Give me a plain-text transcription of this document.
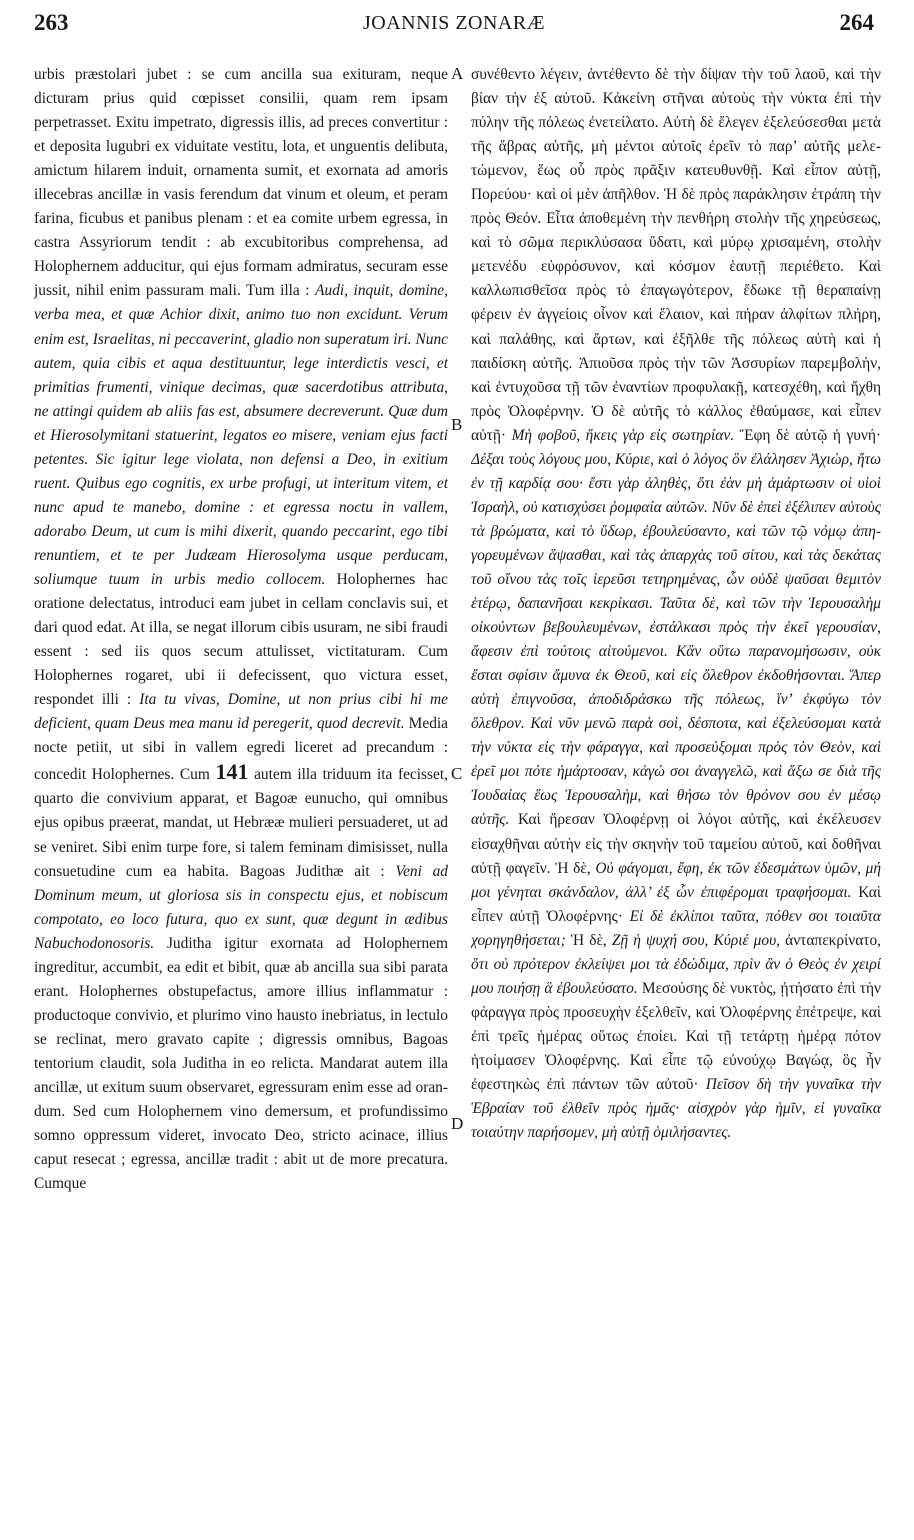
263	JOANNIS ZONARÆ	264

urbis præstolari jubet : se cum ancilla sua exituram, neque dicturam prius quid cœpisset consilii, quam rem ipsam perpetrasset. Exitu impetrato, digressis illis, ad preces convertitur : et deposita lugubri ex viduitate vestitu, lota, et unguentis delibuta, amictum hilarem induit, ornamenta sumit, et exornata ad amoris illecebras ancillæ in vasis ferendum dat vinum et oleum, et peram farina, ficubus et panibus plenam : et ea comite urbem egressa, in castra Assyriorum tendit : ab excubitoribus comprehensa, ad Holophernem adducitur, qui ejus formam admiratus, securam esse jussit, nihil enim passuram mali. Tum illa : Audi, inquit, domine, verba mea, et quæ Achior dixit, animo tuo non excidunt. Verum enim est, Israelitas, ni peccaverint, gladio non superatum iri. Nunc autem, quia cibis et aqua destituuntur, lege interdictis vesci, et primitias frumenti, vinique decimas, quæ sacerdotibus attributa, ne attingi quidem ab aliis fas est, absumere decreverunt. Quæ dum et Hierosolymitani statuerint, legatos eo misere, veniam ejus facti petentes. Sic igitur lege violata, non defensi a Deo, in exitium ruent. Quibus ego cognitis, ex urbe profugi, ut interitum vitem, et nunc apud te manebo, domine : et egressa noctu in vallem, adorabo Deum, ut cum is mihi dixerit, quando peccarint, ego tibi renuntiem, et te per Judæam Hierosolyma usque perducam, soliumque tuum in urbis medio collocem. Holophernes hac oratione delectatus, introduci eam jubet in cellam conclavis sui, et dari quod edat. At illa, se negat illorum cibis usuram, ne sibi fraudi essent : sed iis quos secum attulisset, victitaturam. Cum Holophernes rogaret, ubi ii defecissent, quo victura esset, respondet illi : Ita tu vivas, Domine, ut non prius cibi hi me deficient, quam Deus mea manu id peregerit, quod decrevit. Media nocte petiit, ut sibi in vallem egredi liceret ad precandum : concedit Holophernes. Cum 141 autem illa triduum ita fecisset, quarto die convivium apparat, et Bagoæ eunucho, qui omnibus ejus opibus præerat, mandat, ut Hebrææ mulieri persuaderet, ut ad se veniret. Sibi enim turpe fore, si talem feminam dimisisset, nulla consuetudine cum ea habita. Bagoas Judithæ ait : Veni ad Dominum meum, ut gloriosa sis in conspectu ejus, et nobiscum compotato, eo loco futura, quo ex sunt, quæ degunt in ædibus Nabuchodonosoris. Juditha igitur exornata ad Holophernem ingreditur, accumbit, ea edit et bibit, quæ ab ancilla sua sibi parata erant. Holophernes obstupefactus, amore illius inflammatur : productoque convivio, et plurimo vino hausto inebriatus, in lectulo se reclinat, mero gravato capite ; digressis omnibus, Bagoas tentorium claudit, sola Juditha in eo relicta. Mandarat autem illa ancillæ, ut exitum suum observaret, egressuram enim esse ad orandum. Sed cum Holophernem vino demersum, et profundissimo somno oppressum videret, invocato Deo, stricto acinace, illius caput resecat ; egressa, ancillæ tradit : abit ut de more precatura. Cumque

A
B
C
D

συνέθεντο λέγειν, ἀντέθεντο δὲ τὴν δίψαν τὴν τοῦ λαοῦ, καὶ τὴν βίαν τὴν ἐξ αὐτοῦ. Κἀκείνη στῆναι αὐτοὺς τὴν νύκτα ἐπὶ τὴν πύλην τῆς πόλεως ἐνετείλατο. Αὐτὴ δὲ ἔλεγεν ἐξελεύσεσθαι μετὰ τῆς ἄβρας αὐτῆς, μὴ μέντοι αὐτοῖς ἐρεῖν τὸ παρ’ αὐτῆς μελετώμενον, ἕως οὗ πρὸς πρᾶξιν κατευθυνθῇ. Καὶ εἶπον αὐτῇ, Πορεύου· καὶ οἱ μὲν ἀπῆλθον. Ἡ δὲ πρὸς παράκλησιν ἐτράπη τὴν πρὸς Θεόν. Εἶτα ἀποθεμένη τὴν πενθήρη στολὴν τῆς χηρεύσεως, καὶ τὸ σῶμα περικλύσασα ὕδατι, καὶ μύρῳ χρισαμένη, στολὴν μετενέδυ εὐφρόσυνον, καὶ κόσμον ἑαυτῇ περιέθετο. Καὶ καλλωπισθεῖσα πρὸς τὸ ἐπαγωγότερον, ἔδωκε τῇ θεραπαίνῃ φέρειν ἐν ἀγγείοις οἶνον καὶ ἔλαιον, καὶ πήραν ἀλφίτων πλήρη, καὶ παλάθης, καὶ ἄρτων, καὶ ἐξῆλθε τῆς πόλεως αὐτὴ καὶ ἡ παιδίσκη αὐτῆς. Ἀπιοῦσα πρὸς τὴν τῶν Ἀσσυρίων παρεμβολὴν, καὶ ἐντυχοῦσα τῇ τῶν ἐναντίων προφυλακῇ, κατεσχέθη, καὶ ἤχθη πρὸς Ὀλοφέρνην. Ὁ δὲ αὐτῆς τὸ κάλλος ἐθαύμασε, καὶ εἶπεν αὐτῇ· Μὴ φοβοῦ, ἥκεις γὰρ εἰς σωτηρίαν. Ἔφη δὲ αὐτῷ ἡ γυνή· Δέξαι τοὺς λόγους μου, Κύριε, καὶ ὁ λόγος ὃν ἐλάλησεν Ἀχιὼρ, ἤτω ἐν τῇ καρδίᾳ σου· ἔστι γὰρ ἀληθὲς, ὅτι ἐὰν μὴ ἁμάρτωσιν οἱ υἱοὶ Ἰσραὴλ, οὐ κατισχύσει ῥομφαία αὐτῶν. Νῦν δὲ ἐπεὶ ἐξέλιπεν αὐτοὺς τὰ βρώματα, καὶ τὸ ὕδωρ, ἐβουλεύσαντο, καὶ τῶν τῷ νόμῳ ἀπηγορευμένων ἅψασθαι, καὶ τὰς ἀπαρχὰς τοῦ σίτου, καὶ τὰς δεκάτας τοῦ οἴνου τὰς τοῖς ἱερεῦσι τετηρημένας, ὧν οὐδὲ ψαῦσαι θεμιτὸν ἑτέρῳ, δαπανῆσαι κεκρίκασι. Ταῦτα δὲ, καὶ τῶν τὴν Ἱερουσαλὴμ οἰκούντων βεβουλευμένων, ἐστάλκασι πρὸς τὴν ἐκεῖ γερουσίαν, ἄφεσιν ἐπὶ τούτοις αἰτούμενοι. Κἂν οὕτω παρανομήσωσιν, οὐκ ἔσται σφίσιν ἄμυνα ἐκ Θεοῦ, καὶ εἰς ὄλεθρον ἐκδοθήσονται. Ἅπερ αὐτὴ ἐπιγνοῦσα, ἀποδιδράσκω τῆς πόλεως, ἵν’ ἐκφύγω τὸν ὄλεθρον. Καὶ νῦν μενῶ παρὰ σοὶ, δέσποτα, καὶ ἐξελεύσομαι κατὰ τὴν νύκτα εἰς τὴν φάραγγα, καὶ προσεύξομαι πρὸς τὸν Θεὸν, καὶ ἐρεῖ μοι πότε ἡμάρτοσαν, κἀγώ σοι ἀναγγελῶ, καὶ ἄξω σε διὰ τῆς Ἰουδαίας ἕως Ἱερουσαλὴμ, καὶ θήσω τὸν θρόνον σου ἐν μέσῳ αὐτῆς. Καὶ ἤρεσαν Ὀλοφέρνῃ οἱ λόγοι αὐτῆς, καὶ ἐκέλευσεν εἰσαχθῆναι αὐτὴν εἰς τὴν σκηνὴν τοῦ ταμείου αὐτοῦ, καὶ δοθῆναι αὐτῇ φαγεῖν. Ἡ δὲ, Οὐ φάγομαι, ἔφη, ἐκ τῶν ἐδεσμάτων ὑμῶν, μή μοι γένηται σκάνδαλον, ἀλλ’ ἐξ ὧν ἐπιφέρομαι τραφήσομαι. Καὶ εἶπεν αὐτῇ Ὀλοφέρνης· Εἰ δὲ ἐκλίποι ταῦτα, πόθεν σοι τοιαῦτα χορηγηθήσεται; Ἡ δὲ, Ζῇ ἡ ψυχή σου, Κύριέ μου, ἀνταπεκρίνατο, ὅτι οὐ πρότερον ἐκλείψει μοι τὰ ἐδώδιμα, πρὶν ἂν ὁ Θεὸς ἐν χειρί μου ποιήσῃ ἃ ἐβουλεύσατο. Μεσούσης δὲ νυκτὸς, ᾐτήσατο ἐπὶ τὴν φάραγγα πρὸς προσευχὴν ἐξελθεῖν, καὶ Ὀλοφέρνης ἐπέτρεψε, καὶ ἐπὶ τρεῖς ἡμέρας οὕτως ἐποίει. Καὶ τῇ τετάρτῃ ἡμέρᾳ πότον ἡτοίμασεν Ὀλοφέρνης. Καὶ εἶπε τῷ εὐνούχῳ Βαγώᾳ, ὃς ἦν ἐφεστηκὼς ἐπὶ πάντων τῶν αὐτοῦ· Πεῖσον δὴ τὴν γυναῖκα τὴν Ἑβραίαν τοῦ ἐλθεῖν πρὸς ἡμᾶς· αἰσχρὸν γὰρ ἡμῖν, εἰ γυναῖκα τοιαύτην παρήσομεν, μὴ αὐτῇ ὁμιλήσαντες.
